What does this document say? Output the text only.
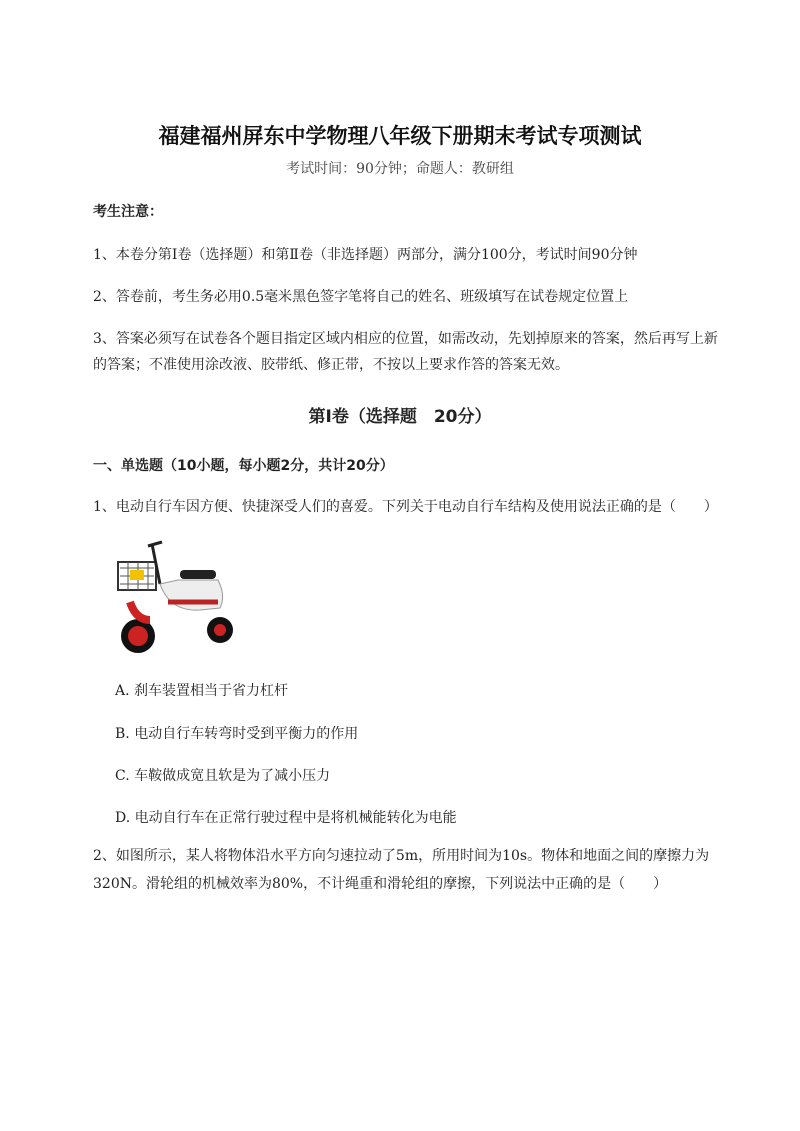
福建福州屏东中学物理八年级下册期末考试专项测试
考试时间：90分钟；命题人：教研组
考生注意：
1、本卷分第I卷（选择题）和第Ⅱ卷（非选择题）两部分，满分100分，考试时间90分钟
2、答卷前，考生务必用0.5毫米黑色签字笔将自己的姓名、班级填写在试卷规定位置上
3、答案必须写在试卷各个题目指定区域内相应的位置，如需改动，先划掉原来的答案，然后再写上新
的答案；不准使用涂改液、胶带纸、修正带，不按以上要求作答的答案无效。
第I卷（选择题　20分）
一、单选题（10小题，每小题2分，共计20分）
1、电动自行车因方便、快捷深受人们的喜爱。下列关于电动自行车结构及使用说法正确的是（　　）
A. 刹车装置相当于省力杠杆
B. 电动自行车转弯时受到平衡力的作用
C. 车鞍做成宽且软是为了减小压力
D. 电动自行车在正常行驶过程中是将机械能转化为电能
2、如图所示，某人将物体沿水平方向匀速拉动了5m，所用时间为10s。物体和地面之间的摩擦力为
320N。滑轮组的机械效率为80%，不计绳重和滑轮组的摩擦，下列说法中正确的是（　　）
